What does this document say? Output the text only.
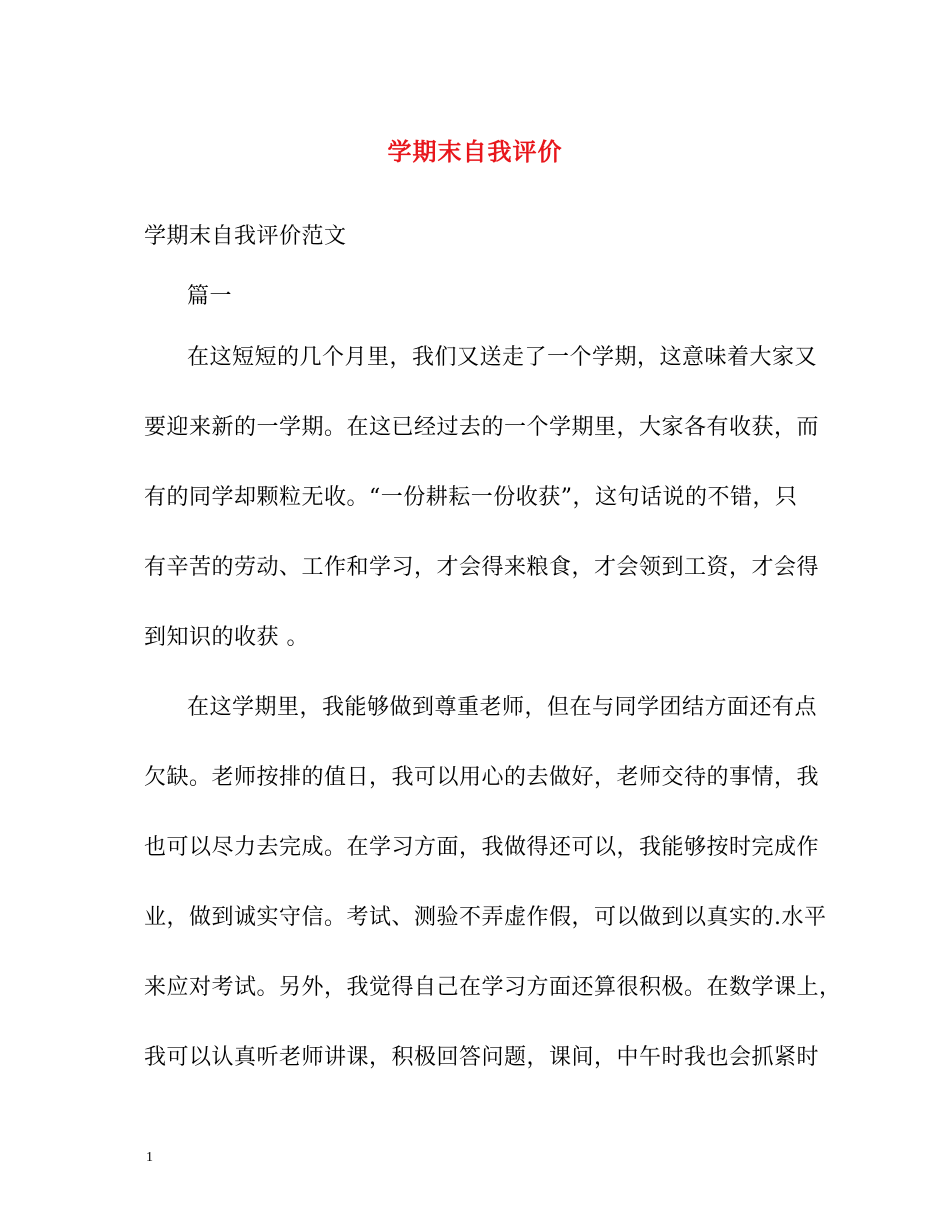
学期末自我评价
学期末自我评价范文
篇一
在这短短的几个月里，我们又送走了一个学期，这意味着大家又
要迎来新的一学期。在这已经过去的一个学期里，大家各有收获，而
有的同学却颗粒无收。“一份耕耘一份收获”，这句话说的不错，只
有辛苦的劳动、工作和学习，才会得来粮食，才会领到工资，才会得
到知识的收获 。
在这学期里，我能够做到尊重老师，但在与同学团结方面还有点
欠缺。老师按排的值日，我可以用心的去做好，老师交待的事情，我
也可以尽力去完成。在学习方面，我做得还可以，我能够按时完成作
业，做到诚实守信。考试、测验不弄虚作假，可以做到以真实的.水平
来应对考试。另外，我觉得自己在学习方面还算很积极。在数学课上，
我可以认真听老师讲课，积极回答问题，课间，中午时我也会抓紧时
1
